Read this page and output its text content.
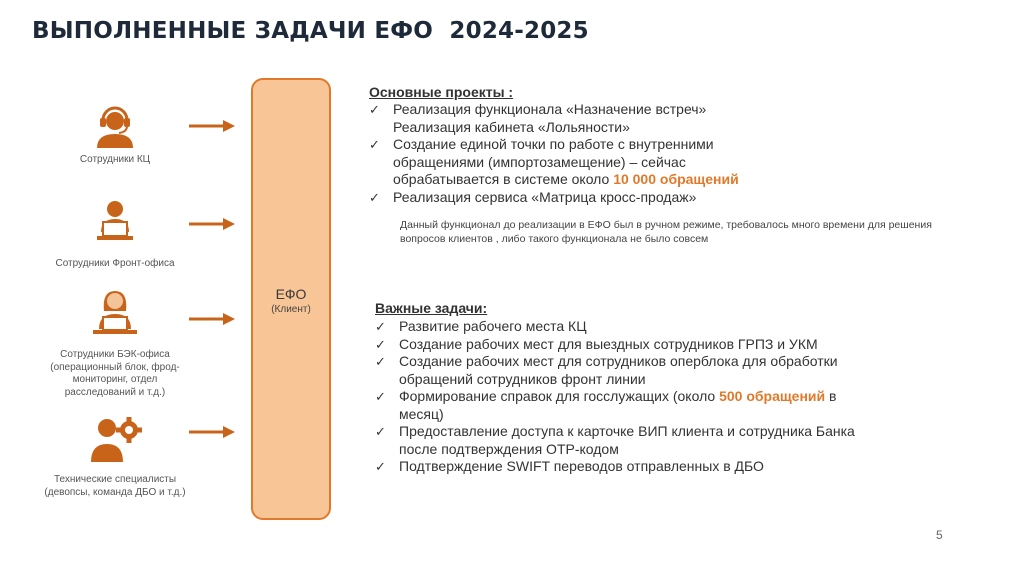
ВЫПОЛНЕННЫЕ ЗАДАЧИ ЕФО  2024-2025
Сотрудники КЦ
Сотрудники Фронт-офиса
Сотрудники БЭК-офиса
(операционный блок, фрод-
мониторинг, отдел
расследований и т.д.)
Технические специалисты
(девопсы, команда ДБО и т.д.)
ЕФО
(Клиент)
Основные проекты :
✓ Реализация функционала «Назначение встреч»
Реализация кабинета «Лольяности»
✓ Создание единой точки по работе с внутренними
обращениями (импортозамещение) – сейчас
обрабатывается в системе около 10 000 обращений
✓ Реализация сервиса «Матрица кросс-продаж»
Данный функционал до реализации в ЕФО был в ручном режиме, требовалось много времени для решения вопросов клиентов , либо такого функционала не было совсем
Важные задачи:
✓ Развитие рабочего места КЦ
✓ Создание рабочих мест для выездных сотрудников ГРПЗ и УКМ
✓ Создание рабочих мест для сотрудников оперблока для обработки
обращений сотрудников фронт линии
✓ Формирование справок для госслужащих (около 500 обращений в
месяц)
✓ Предоставление доступа к карточке ВИП клиента и сотрудника Банка
после подтверждения ОТР-кодом
✓ Подтверждение SWIFT переводов отправленных в ДБО
5
